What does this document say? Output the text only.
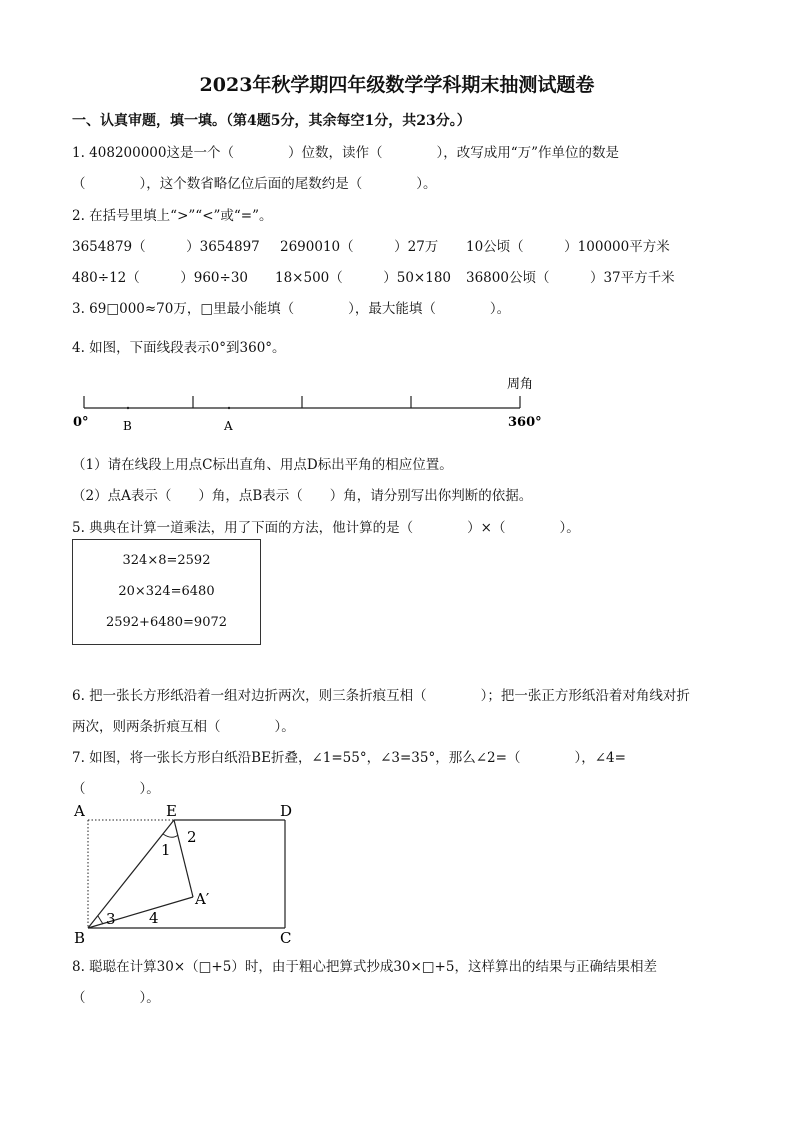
2023年秋学期四年级数学学科期末抽测试题卷
一、认真审题，填一填。（第4题5分，其余每空1分，共23分。）
1. 408200000这是一个（　　　　）位数，读作（　　　　），改写成用“万”作单位的数是
（　　　　），这个数省略亿位后面的尾数约是（　　　　）。
2. 在括号里填上“>”“<”或“=”。
3654879（　　　）3654897 2690010（　　　）27万 10公顷（　　　）100000平方米
480÷12（　　　）960÷30 18×500（　　　）50×180 36800公顷（　　　）37平方千米
3. 69□000≈70万，□里最小能填（　　　　），最大能填（　　　　）。
4. 如图，下面线段表示0°到360°。
周角
0°	B	A	360°
（1）请在线段上用点C标出直角、用点D标出平角的相应位置。
（2）点A表示（　　）角，点B表示（　　）角，请分别写出你判断的依据。
5. 典典在计算一道乘法，用了下面的方法，他计算的是（　　　　）×（　　　　）。
324×8=2592
20×324=6480
2592+6480=9072
6. 把一张长方形纸沿着一组对边折两次，则三条折痕互相（　　　　）；把一张正方形纸沿着对角线对折
两次，则两条折痕互相（　　　　）。
7. 如图，将一张长方形白纸沿BE折叠，∠1=55°，∠3=35°，那么∠2=（　　　　），∠4=
（　　　　）。
A	E	D
B	C
A′
1
2
3 4
8. 聪聪在计算30×（□+5）时，由于粗心把算式抄成30×□+5，这样算出的结果与正确结果相差
（　　　　）。
